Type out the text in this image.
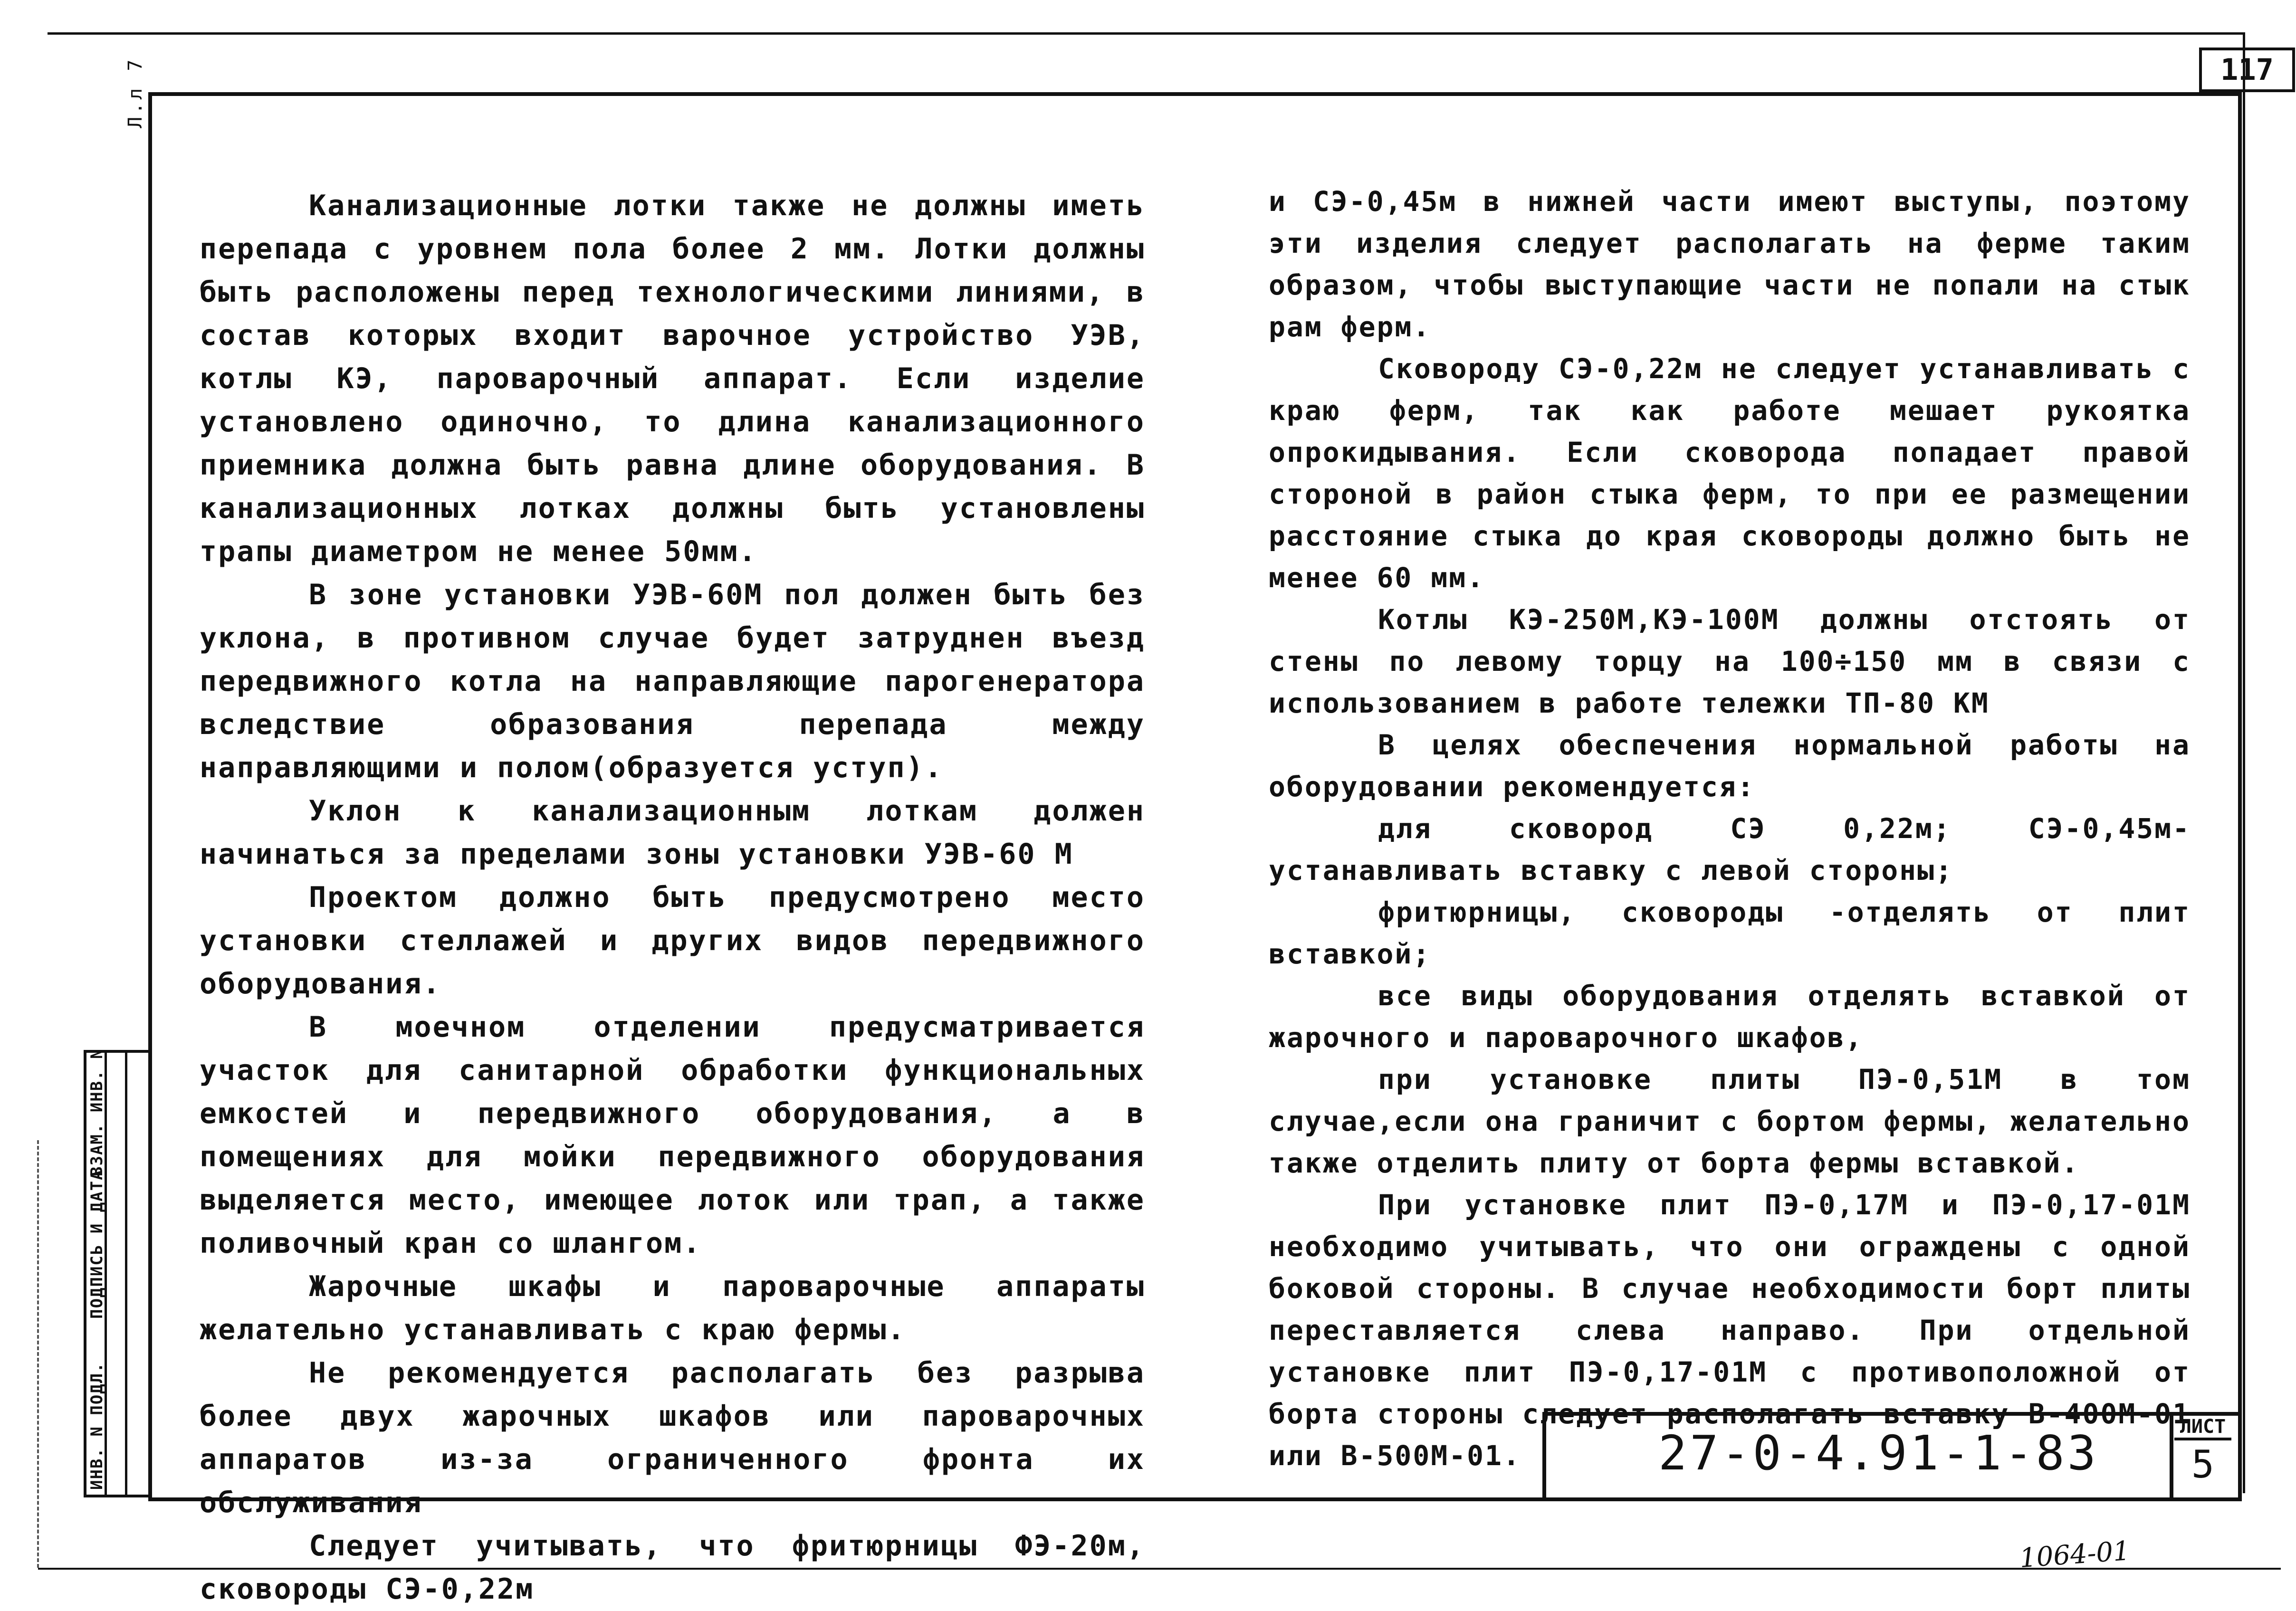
117
Л.л 7
ИНВ. N ПОДЛ.
ПОДПИСЬ И ДАТА
ВЗАМ. ИНВ. N

Канализационные лотки также не должны иметь перепада с уровнем пола более 2 мм. Лотки должны быть расположены перед технологическими линиями, в состав которых входит варочное устройство УЭВ, котлы КЭ, пароварочный аппарат. Если изделие установлено одиночно, то длина канализационного приемника должна быть равна длине оборудования. В канализационных лотках должны быть установлены трапы диаметром не менее 50мм.

В зоне установки УЭВ-60М пол должен быть без уклона, в противном случае будет затруднен въезд передвижного котла на направляющие парогенератора вследствие образования перепада между направляющими и полом(образуется уступ).

Уклон к канализационным лоткам должен начинаться за пределами зоны установки УЭВ-60 М

Проектом должно быть предусмотрено место установки стеллажей и других видов передвижного оборудования.

В моечном отделении предусматривается участок для санитарной обработки функциональных емкостей и передвижного оборудования, а в помещениях для мойки передвижного оборудования выделяется место, имеющее лоток или трап, а также поливочный кран со шлангом.

Жарочные шкафы и пароварочные аппараты желательно устанавливать с краю фермы.

Не рекомендуется располагать без разрыва более двух жарочных шкафов или пароварочных аппаратов из-за ограниченного фронта их обслуживания

Следует учитывать, что фритюрницы ФЭ-20м, сковороды СЭ-0,22м

и СЭ-0,45м в нижней части имеют выступы, поэтому эти изделия следует располагать на ферме таким образом, чтобы выступающие части не попали на стык рам ферм.

Сковороду СЭ-0,22м не следует устанавливать с краю ферм, так как работе мешает рукоятка опрокидывания. Если сковорода попадает правой стороной в район стыка ферм, то при ее размещении расстояние стыка до края сковороды должно быть не менее 60 мм.

Котлы КЭ-250М,КЭ-100М должны отстоять от стены по левому торцу на 100÷150 мм в связи с использованием в работе тележки ТП-80 КМ

В целях обеспечения нормальной работы на оборудовании рекомендуется:

для сковород СЭ 0,22м; СЭ-0,45м- устанавливать вставку с левой стороны;

фритюрницы, сковороды -отделять от плит вставкой;

все виды оборудования отделять вставкой от жарочного и пароварочного шкафов,

при установке плиты ПЭ-0,51М в том случае,если она граничит с бортом фермы, желательно также отделить плиту от борта фермы вставкой.

При установке плит ПЭ-0,17М и ПЭ-0,17-01М необходимо учитывать, что они ограждены с одной боковой стороны. В случае необходимости борт плиты переставляется слева направо. При отдельной установке плит ПЭ-0,17-01М с противоположной от борта стороны следует располагать вставку В-400М-01 или В-500М-01.	27-0-4.91-1-83	ЛИСТ
5
1064-01
